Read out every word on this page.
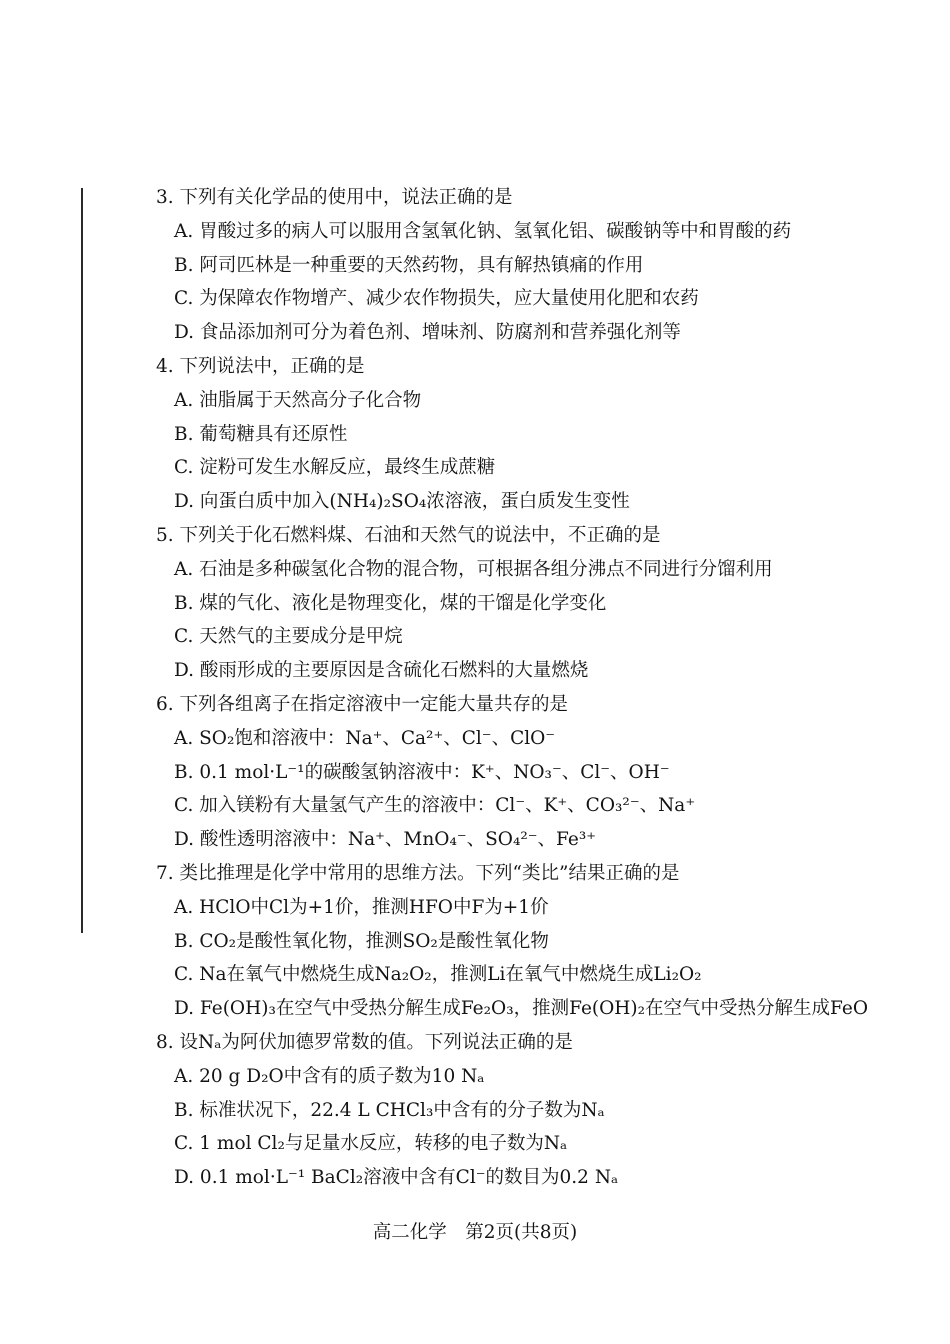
3. 下列有关化学品的使用中，说法正确的是
A. 胃酸过多的病人可以服用含氢氧化钠、氢氧化铝、碳酸钠等中和胃酸的药
B. 阿司匹林是一种重要的天然药物，具有解热镇痛的作用
C. 为保障农作物增产、减少农作物损失，应大量使用化肥和农药
D. 食品添加剂可分为着色剂、增味剂、防腐剂和营养强化剂等
4. 下列说法中，正确的是
A. 油脂属于天然高分子化合物
B. 葡萄糖具有还原性
C. 淀粉可发生水解反应，最终生成蔗糖
D. 向蛋白质中加入(NH₄)₂SO₄浓溶液，蛋白质发生变性
5. 下列关于化石燃料煤、石油和天然气的说法中，不正确的是
A. 石油是多种碳氢化合物的混合物，可根据各组分沸点不同进行分馏利用
B. 煤的气化、液化是物理变化，煤的干馏是化学变化
C. 天然气的主要成分是甲烷
D. 酸雨形成的主要原因是含硫化石燃料的大量燃烧
6. 下列各组离子在指定溶液中一定能大量共存的是
A. SO₂饱和溶液中：Na⁺、Ca²⁺、Cl⁻、ClO⁻
B. 0.1 mol·L⁻¹的碳酸氢钠溶液中：K⁺、NO₃⁻、Cl⁻、OH⁻
C. 加入镁粉有大量氢气产生的溶液中：Cl⁻、K⁺、CO₃²⁻、Na⁺
D. 酸性透明溶液中：Na⁺、MnO₄⁻、SO₄²⁻、Fe³⁺
7. 类比推理是化学中常用的思维方法。下列“类比”结果正确的是
A. HClO中Cl为+1价，推测HFO中F为+1价
B. CO₂是酸性氧化物，推测SO₂是酸性氧化物
C. Na在氧气中燃烧生成Na₂O₂，推测Li在氧气中燃烧生成Li₂O₂
D. Fe(OH)₃在空气中受热分解生成Fe₂O₃，推测Fe(OH)₂在空气中受热分解生成FeO
8. 设Nₐ为阿伏加德罗常数的值。下列说法正确的是
A. 20 g D₂O中含有的质子数为10 Nₐ
B. 标准状况下，22.4 L CHCl₃中含有的分子数为Nₐ
C. 1 mol Cl₂与足量水反应，转移的电子数为Nₐ
D. 0.1 mol·L⁻¹ BaCl₂溶液中含有Cl⁻的数目为0.2 Nₐ
高二化学　第2页(共8页)
